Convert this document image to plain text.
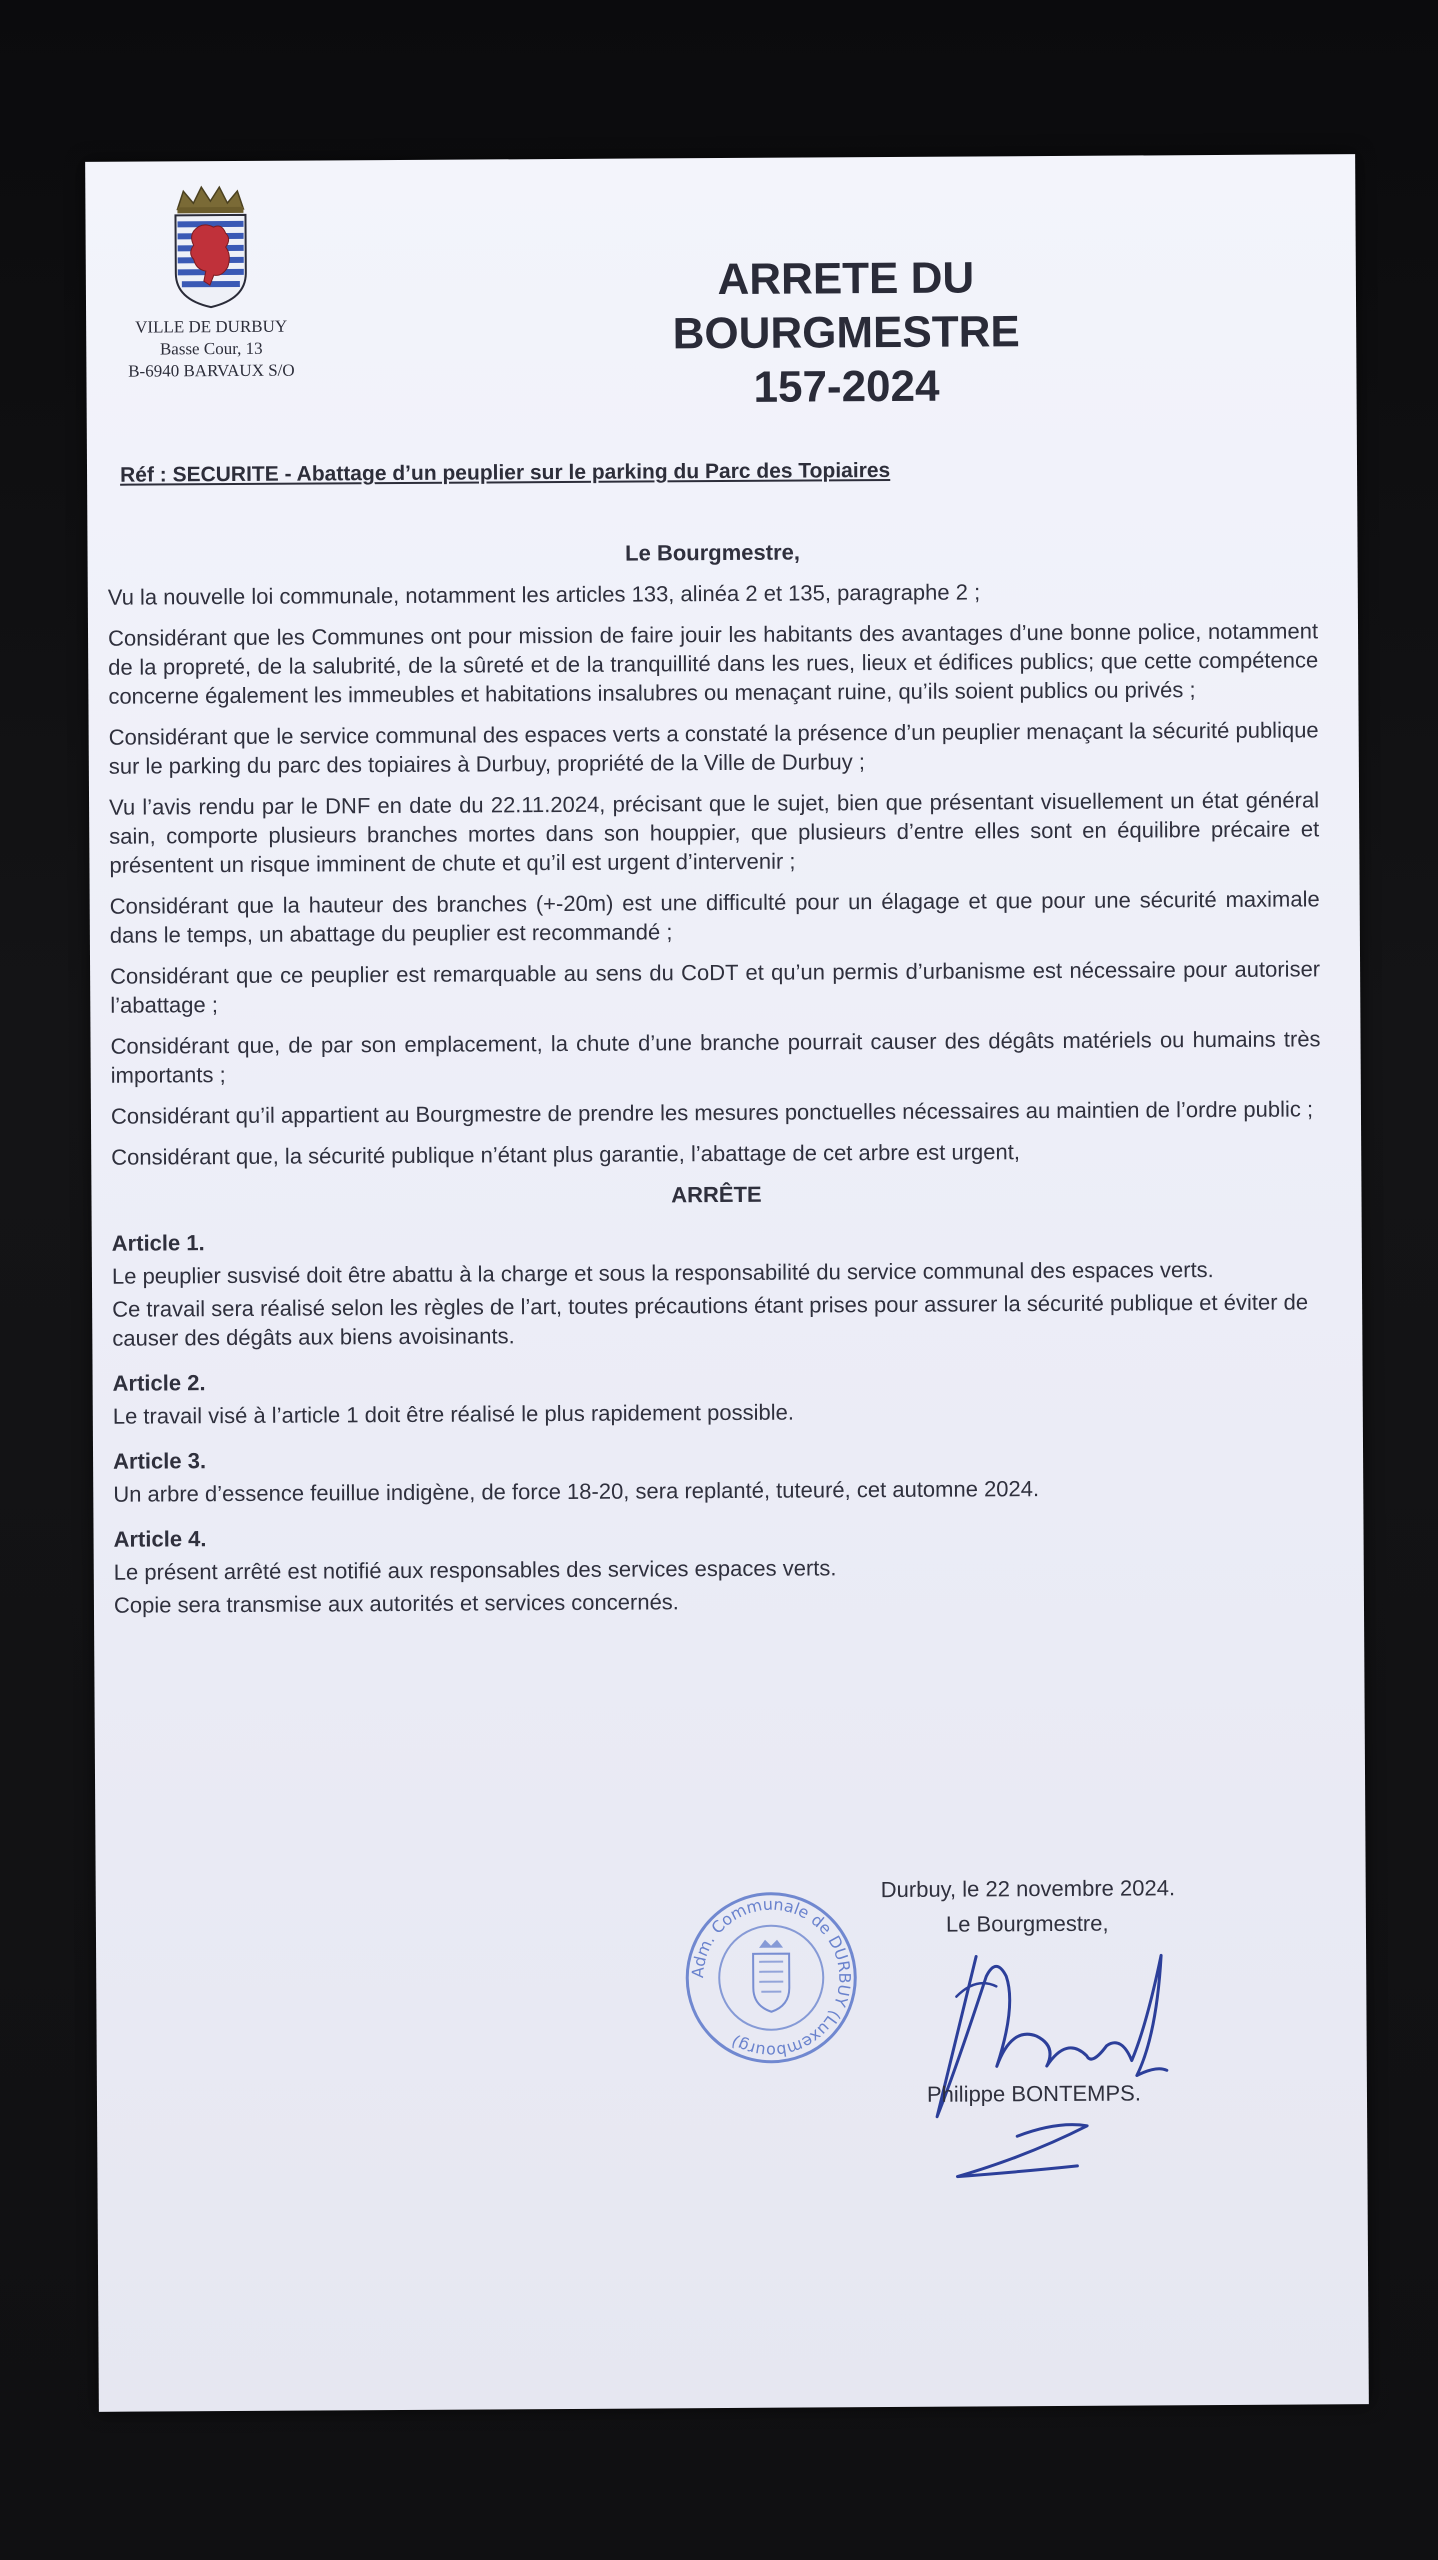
VILLE DE DURBUY
Basse Cour, 13
B-6940 BARVAUX S/O
ARRETE DU BOURGMESTRE
157-2024
Réf : SECURITE - Abattage d’un peuplier sur le parking du Parc des Topiaires

Le Bourgmestre,

Vu la nouvelle loi communale, notamment les articles 133, alinéa 2 et 135, paragraphe 2 ;

Considérant que les Communes ont pour mission de faire jouir les habitants des avantages d’une bonne police, notamment de la propreté, de la salubrité, de la sûreté et de la tranquillité dans les rues, lieux et édifices publics; que cette compétence concerne également les immeubles et habitations insalubres ou menaçant ruine, qu’ils soient publics ou privés ;

Considérant que le service communal des espaces verts a constaté la présence d’un peuplier menaçant la sécurité publique sur le parking du parc des topiaires à Durbuy, propriété de la Ville de Durbuy ;

Vu l’avis rendu par le DNF en date du 22.11.2024, précisant que le sujet, bien que présentant visuellement un état général sain, comporte plusieurs branches mortes dans son houppier, que plusieurs d’entre elles sont en équilibre précaire et présentent un risque imminent de chute et qu’il est urgent d’intervenir ;

Considérant que la hauteur des branches (+-20m) est une difficulté pour un élagage et que pour une sécurité maximale dans le temps, un abattage du peuplier est recommandé ;

Considérant que ce peuplier est remarquable au sens du CoDT et qu’un permis d’urbanisme est nécessaire pour autoriser l’abattage ;

Considérant que, de par son emplacement, la chute d’une branche pourrait causer des dégâts matériels ou humains très importants ;

Considérant qu’il appartient au Bourgmestre de prendre les mesures ponctuelles nécessaires au maintien de l’ordre public ;

Considérant que, la sécurité publique n’étant plus garantie, l’abattage de cet arbre est urgent,

ARRÊTE

Article 1.
Le peuplier susvisé doit être abattu à la charge et sous la responsabilité du service communal des espaces verts.
Ce travail sera réalisé selon les règles de l’art, toutes précautions étant prises pour assurer la sécurité publique et éviter de causer des dégâts aux biens avoisinants.
Article 2.
Le travail visé à l’article 1 doit être réalisé le plus rapidement possible.
Article 3.
Un arbre d’essence feuillue indigène, de force 18-20, sera replanté, tuteuré, cet automne 2024.
Article 4.
Le présent arrêté est notifié aux responsables des services espaces verts.
Copie sera transmise aux autorités et services concernés.
Durbuy, le 22 novembre 2024.
Le Bourgmestre,
Adm. Communale de DURBUY (Luxembourg)
Philippe BONTEMPS.
